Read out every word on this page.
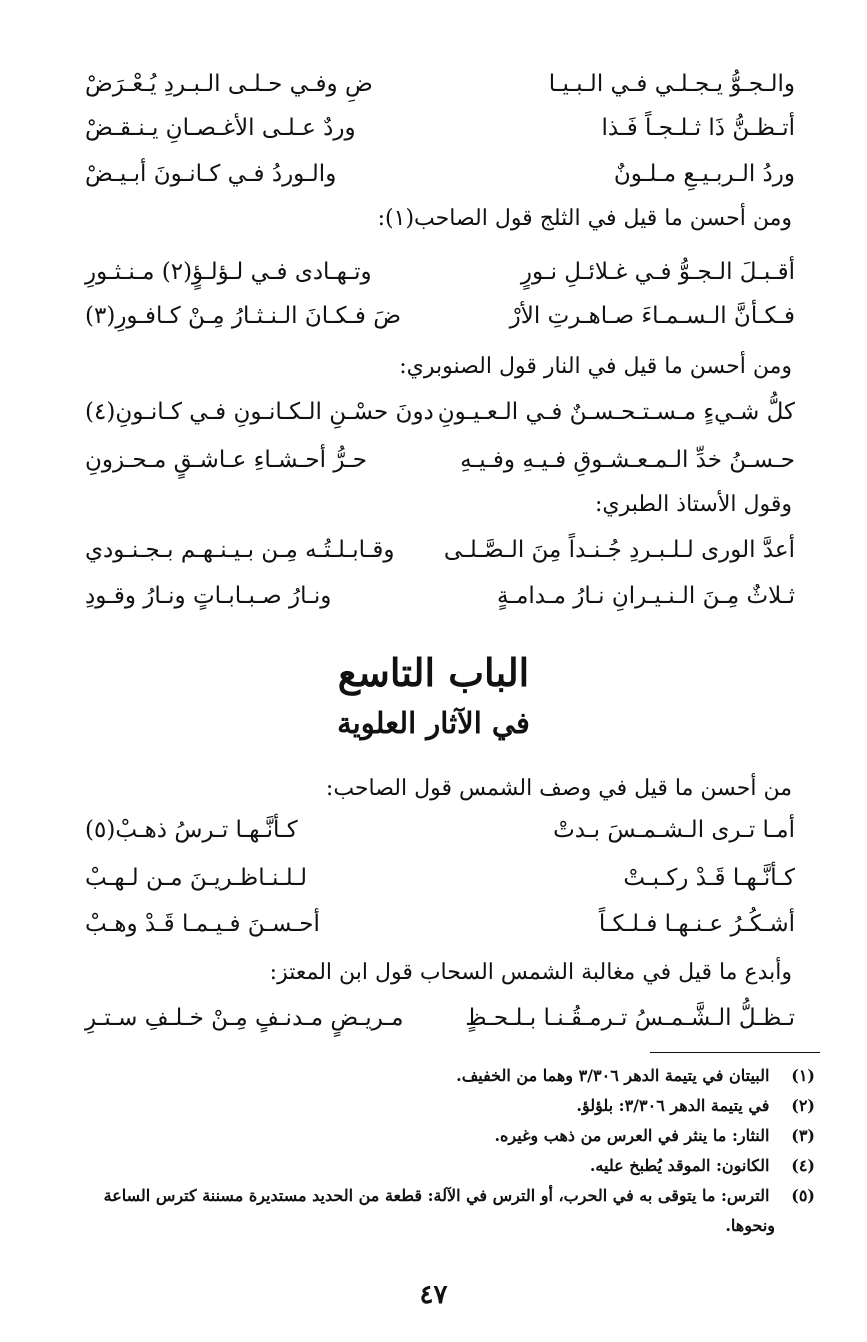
والـجـوُّ يـجـلـي فـي الـبـيـا
ضِ وفـي حـلـى الـبـردِ يُـعْـرَضْ
أتـظـنُّ ذَا ثـلـجـاً فَـذا
وردٌ عـلـى الأغـصـانِ يـنـقـضْ
وردُ الـربـيـعِ مـلـونٌ
والـوردُ فـي كـانـونَ أبـيـضْ
ومن أحسن ما قيل في الثلج قول الصاحب(١):
أقـبـلَ الـجـوُّ فـي غـلائـلِ نـورٍ
وتـهـادى فـي لـؤلـؤٍ(٢) مـنـثـورِ
فـكـأنَّ الـسـمـاءَ صـاهـرتِ الأرْ
ضَ فـكـانَ الـنـثـارُ مِـنْ كـافـورِ(٣)
ومن أحسن ما قيل في النار قول الصنوبري:
كلُّ شـيءٍ مـسـتـحـسـنٌ فـي الـعـيـونِ
دونَ حسْـنِ الـكـانـونِ فـي كـانـونِ(٤)
حـسـنُ خدِّ الـمـعـشـوقِ فـيـهِ وفـيـهِ
حـرُّ أحـشـاءِ عـاشـقٍ مـحـزونِ
وقول الأستاذ الطبري:
أعدَّ الورى لـلـبـردِ جُـنـداً مِنَ الـصَّـلـى
وقـابـلـتُـه مِـن بـيـنـهـم بـجـنـودي
ثـلاثٌ مِـنَ الـنـيـرانِ نـارُ مـدامـةٍ
ونـارُ صـبـابـاتٍ ونـارُ وقـودِ
الباب التاسع
في الآثار العلوية
من أحسن ما قيل في وصف الشمس قول الصاحب:
أمـا تـرى الـشـمـسَ بـدتْ
كـأنَّـهـا تـرسُ ذهـبْ(٥)
كـأنَّـهـا قَـدْ ركـبـتْ
لـلـنـاظـريـنَ مـن لـهـبْ
أشـكُـرُ عـنـهـا فـلـكـاً
أحـسـنَ فـيـمـا قَـدْ وهـبْ
وأبدع ما قيل في مغالبة الشمس السحاب قول ابن المعتز:
تـظـلُّ الـشَّـمـسُ تـرمـقُـنـا بـلـحـظٍ
مـريـضٍ مـدنـفٍ مِـنْ خـلـفِ سـتـرِ
(١) البيتان في يتيمة الدهر ٣/٣٠٦ وهما من الخفيف.
(٢) في يتيمة الدهر ٣/٣٠٦: بلؤلؤ.
(٣) النثار: ما ينثر في العرس من ذهب وغيره.
(٤) الكانون: الموقد يُطبخ عليه.
(٥) الترس: ما يتوقى به في الحرب، أو الترس في الآلة: قطعة من الحديد مستديرة مسننة كترس الساعة
ونحوها.
٤٧
